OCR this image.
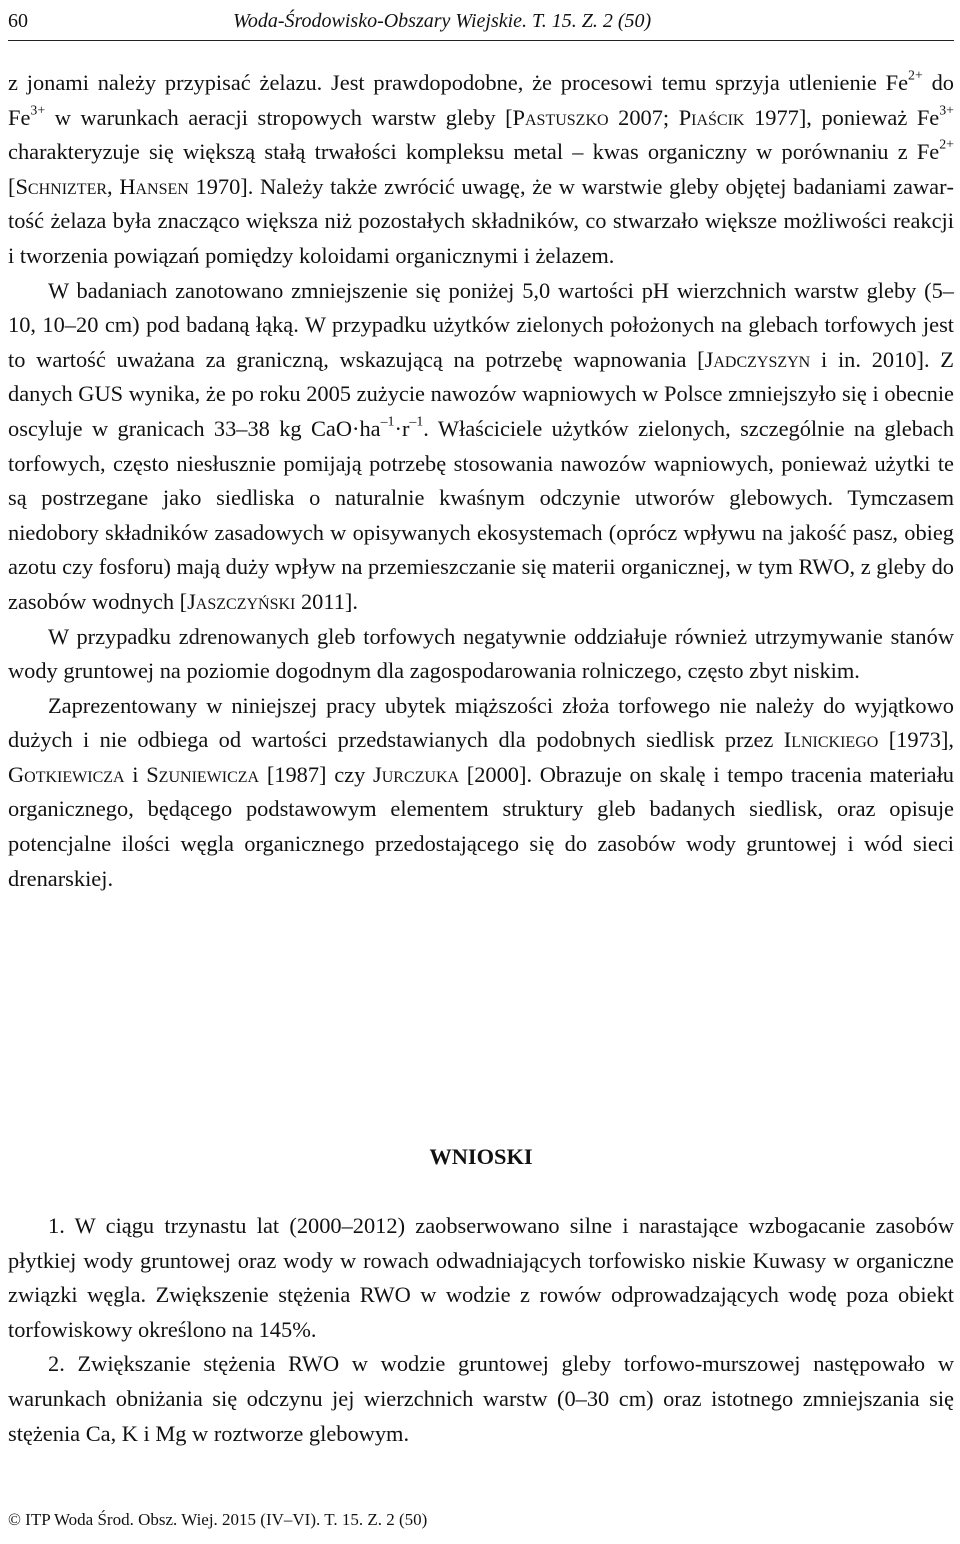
60	Woda-Środowisko-Obszary Wiejskie. T. 15. Z. 2 (50)

z jonami należy przypisać żelazu. Jest prawdopodobne, że procesowi temu sprzyja utlenienie $Fe^{2+}$ do $Fe^{3+}$ w warunkach aeracji stropowych warstw gleby [Pastuszko 2007; Piaścik 1977], ponieważ $Fe^{3+}$ charakteryzuje się większą stałą trwałości kompleksu metal – kwas organiczny w porównaniu z $Fe^{2+}$ [Schnizter, Hansen 1970]. Należy także zwrócić uwagę, że w warstwie gleby objętej badaniami zawartość żelaza była znacząco większa niż pozostałych składników, co stwarzało większe możliwości reakcji i tworzenia powiązań pomiędzy koloidami organicznymi i żelazem.

W badaniach zanotowano zmniejszenie się poniżej 5,0 wartości pH wierzchnich warstw gleby (5–10, 10–20 cm) pod badaną łąką. W przypadku użytków zielonych położonych na glebach torfowych jest to wartość uważana za graniczną, wskazującą na potrzebę wapnowania [Jadczyszyn i in. 2010]. Z danych GUS wynika, że po roku 2005 zużycie nawozów wapniowych w Polsce zmniejszyło się i obecnie oscyluje w granicach 33–38 kg $CaO\cdot ha^{-1}\cdot r^{-1}$. Właściciele użytków zielonych, szczególnie na glebach torfowych, często niesłusznie pomijają potrzebę stosowania nawozów wapniowych, ponieważ użytki te są postrzegane jako siedliska o naturalnie kwaśnym odczynie utworów glebowych. Tymczasem niedobory składników zasadowych w opisywanych ekosystemach (oprócz wpływu na jakość pasz, obieg azotu czy fosforu) mają duży wpływ na przemieszczanie się materii organicznej, w tym RWO, z gleby do zasobów wodnych [Jaszczyński 2011].

W przypadku zdrenowanych gleb torfowych negatywnie oddziałuje również utrzymywanie stanów wody gruntowej na poziomie dogodnym dla zagospodarowania rolniczego, często zbyt niskim.

Zaprezentowany w niniejszej pracy ubytek miąższości złoża torfowego nie należy do wyjątkowo dużych i nie odbiega od wartości przedstawianych dla podobnych siedlisk przez Ilnickiego [1973], Gotkiewicza i Szuniewicza [1987] czy Jurczuka [2000]. Obrazuje on skalę i tempo tracenia materiału organicznego, będącego podstawowym elementem struktury gleb badanych siedlisk, oraz opisuje potencjalne ilości węgla organicznego przedostającego się do zasobów wody gruntowej i wód sieci drenarskiej.

WNIOSKI

1. W ciągu trzynastu lat (2000–2012) zaobserwowano silne i narastające wzbogacanie zasobów płytkiej wody gruntowej oraz wody w rowach odwadniających torfowisko niskie Kuwasy w organiczne związki węgla. Zwiększenie stężenia RWO w wodzie z rowów odprowadzających wodę poza obiekt torfowiskowy określono na 145%.

2. Zwiększanie stężenia RWO w wodzie gruntowej gleby torfowo-murszowej następowało w warunkach obniżania się odczynu jej wierzchnich warstw (0–30 cm) oraz istotnego zmniejszania się stężenia Ca, K i Mg w roztworze glebowym.

© ITP Woda Środ. Obsz. Wiej. 2015 (IV–VI). T. 15. Z. 2 (50)
